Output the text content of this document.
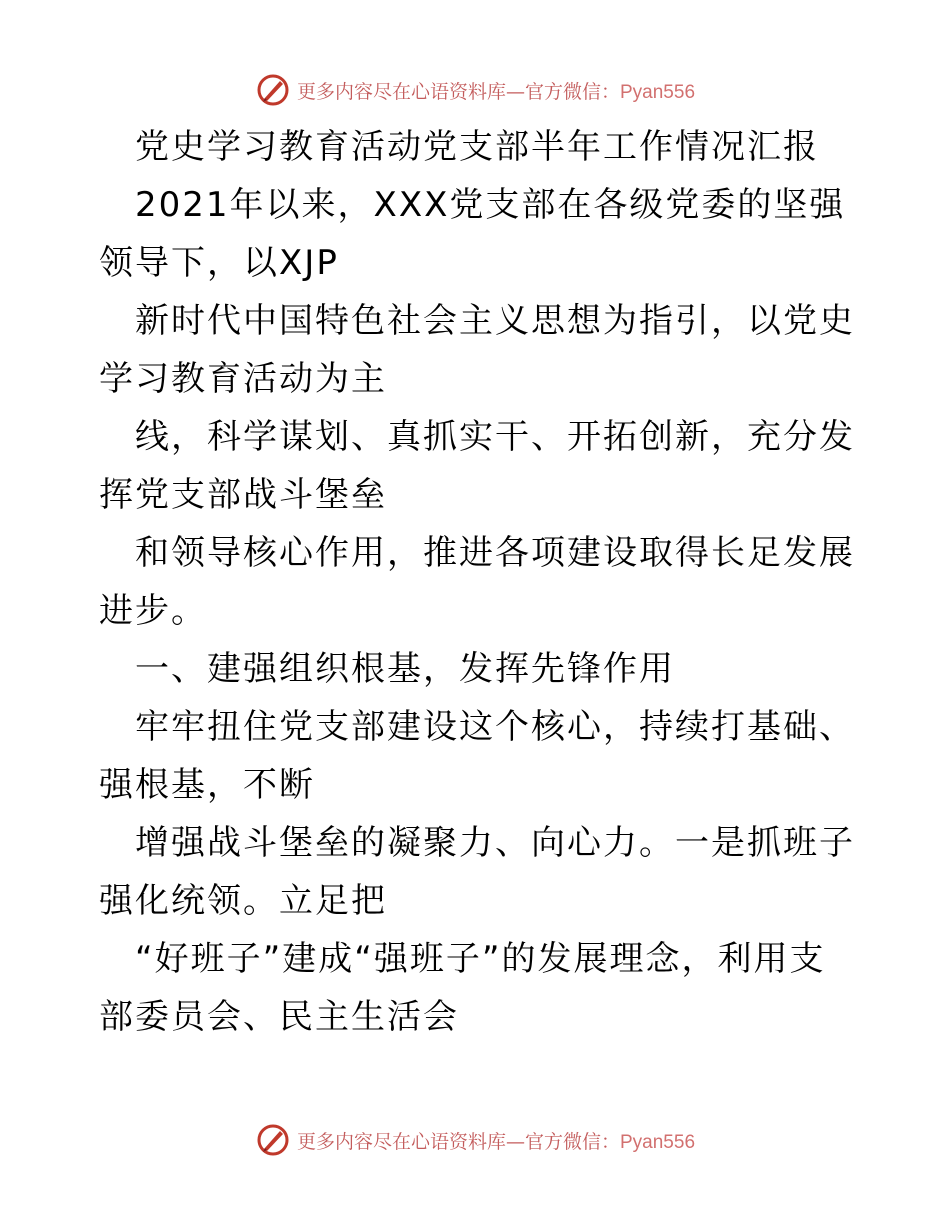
更多内容尽在心语资料库—官方微信：Pyan556

党史学习教育活动党支部半年工作情况汇报

2021年以来，XXX党支部在各级党委的坚强领导下，以XJP

新时代中国特色社会主义思想为指引，以党史学习教育活动为主

线，科学谋划、真抓实干、开拓创新，充分发挥党支部战斗堡垒

和领导核心作用，推进各项建设取得长足发展进步。

一、建强组织根基，发挥先锋作用

牢牢扭住党支部建设这个核心，持续打基础、强根基，不断

增强战斗堡垒的凝聚力、向心力。一是抓班子强化统领。立足把

“好班子”建成“强班子”的发展理念，利用支部委员会、民主生活会

更多内容尽在心语资料库—官方微信：Pyan556
